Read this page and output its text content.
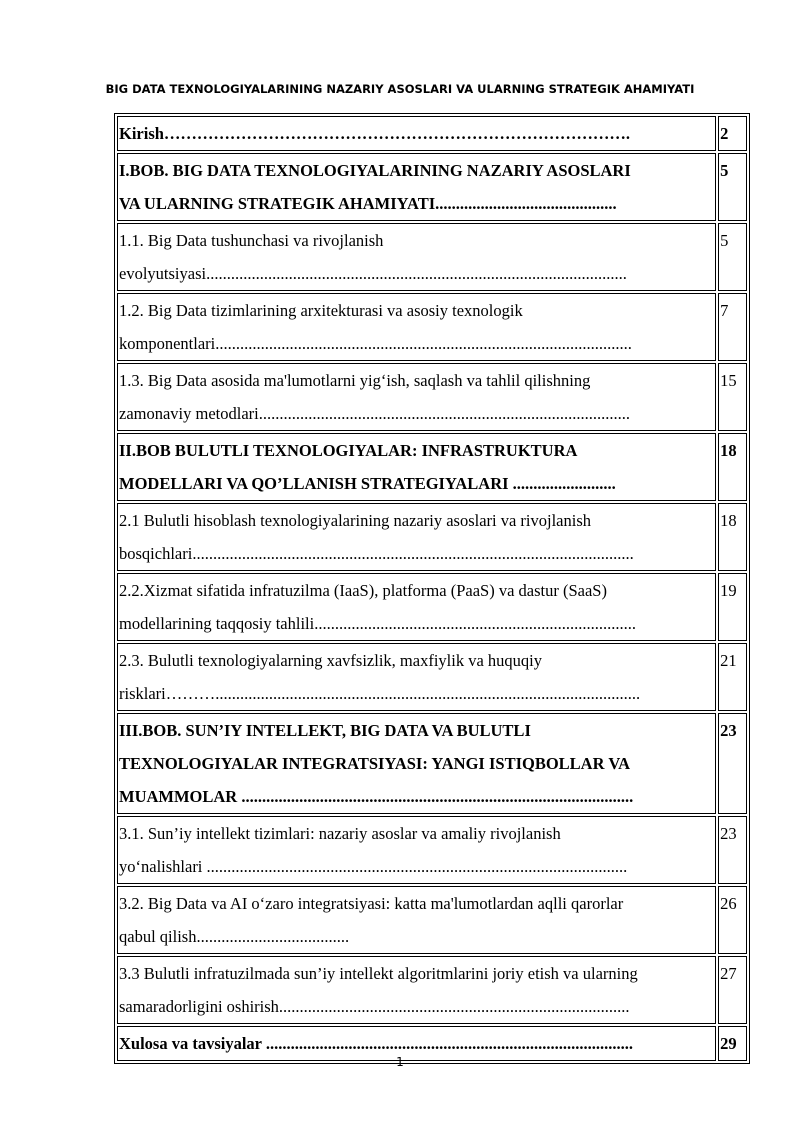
BIG DATA TEXNOLOGIYALARINING NAZARIY ASOSLARI VA ULARNING STRATEGIK AHAMIYATI
Kirish………………………………………………………………………….	2

I.BOB. BIG DATA TEXNOLOGIYALARINING NAZARIY ASOSLARI
VA ULARNING STRATEGIK AHAMIYATI............................................	5

1.1. Big Data tushunchasi va rivojlanish
evolyutsiyasi......................................................................................................	5

1.2. Big Data tizimlarining arxitekturasi va asosiy texnologik
komponentlari.....................................................................................................	7

1.3. Big Data asosida ma'lumotlarni yig‘ish, saqlash va tahlil qilishning
zamonaviy metodlari..........................................................................................	15

II.BOB BULUTLI TEXNOLOGIYALAR: INFRASTRUKTURA
MODELLARI VA QO’LLANISH STRATEGIYALARI .........................	18

2.1 Bulutli hisoblash texnologiyalarining nazariy asoslari va rivojlanish
bosqichlari...........................................................................................................	18

2.2.Xizmat sifatida infratuzilma (IaaS), platforma (PaaS) va dastur (SaaS)
modellarining taqqosiy tahlili..............................................................................	19

2.3. Bulutli texnologiyalarning xavfsizlik, maxfiylik va huquqiy
risklari……….......................................................................................................	21

III.BOB. SUN’IY INTELLEKT, BIG DATA VA BULUTLI
TEXNOLOGIYALAR INTEGRATSIYASI: YANGI ISTIQBOLLAR VA
MUAMMOLAR ...............................................................................................	23

3.1. Sun’iy intellekt tizimlari: nazariy asoslar va amaliy rivojlanish
yo‘nalishlari ......................................................................................................	23

3.2. Big Data va AI o‘zaro integratsiyasi: katta ma'lumotlardan aqlli qarorlar
qabul qilish.....................................	26

3.3 Bulutli infratuzilmada sun’iy intellekt algoritmlarini joriy etish va ularning
samaradorligini oshirish.....................................................................................	27

Xulosa va tavsiyalar .........................................................................................	29
1
